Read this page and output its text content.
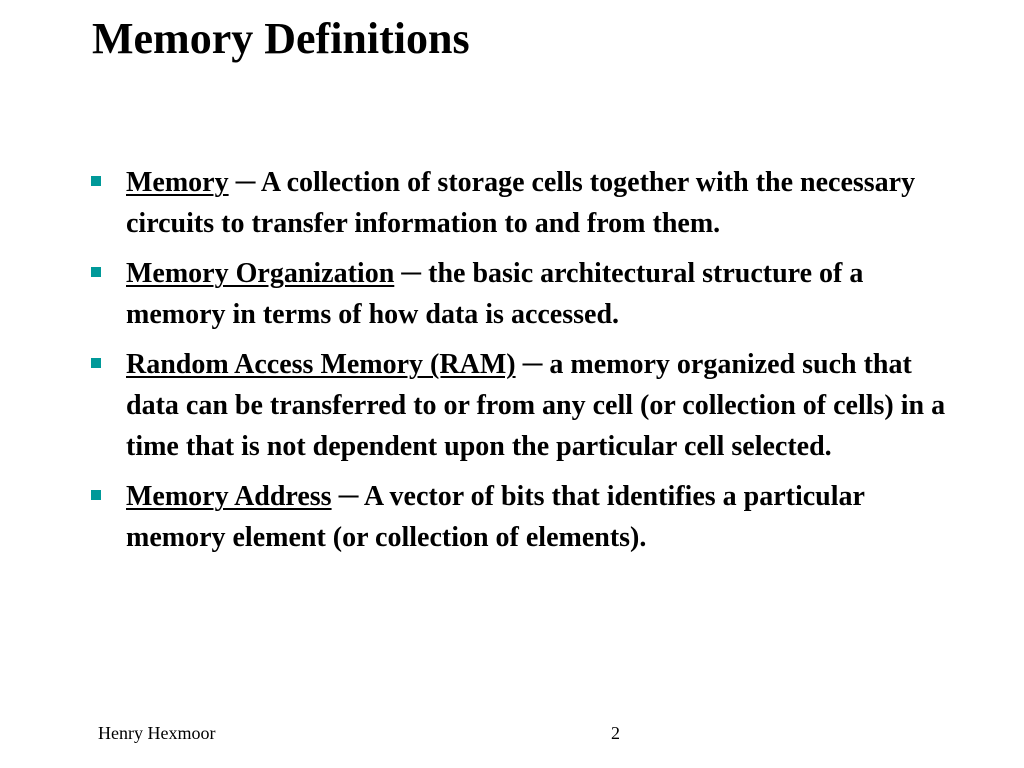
Memory Definitions
Memory ─ A collection of storage cells together with the necessary circuits to transfer information to and from them.
Memory Organization ─ the basic architectural structure of a memory in terms of how data is accessed.
Random Access Memory (RAM) ─ a memory organized such that data can be transferred to or from any cell (or collection of cells) in a time that is not dependent upon the particular cell selected.
Memory Address ─ A vector of bits that identifies a particular memory element (or collection of elements).
Henry Hexmoor	2
